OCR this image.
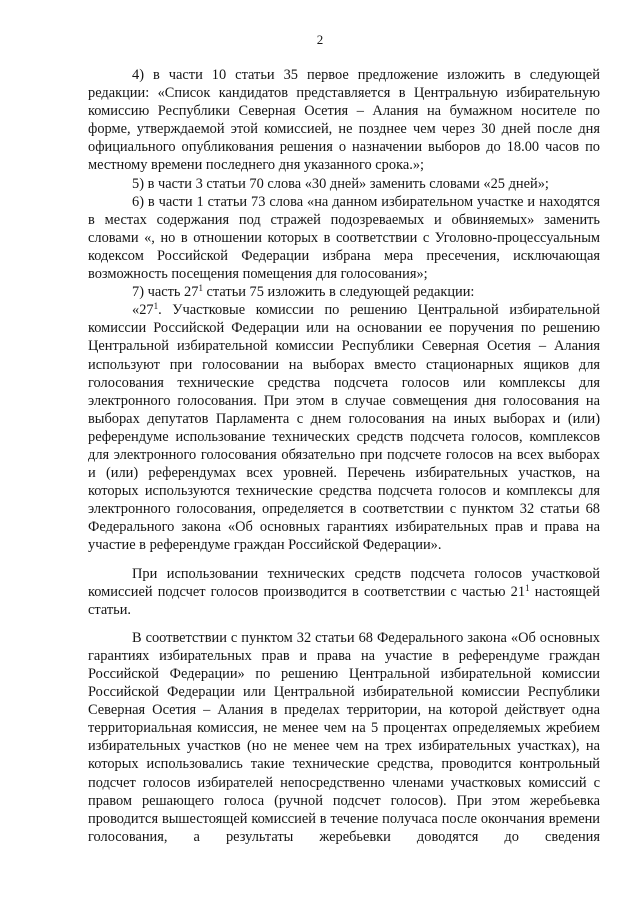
2

4) в части 10 статьи 35 первое предложение изложить в следующей редакции: «Список кандидатов представляется в Центральную избирательную комиссию Республики Северная Осетия – Алания на бумажном носителе по форме, утверждаемой этой комиссией, не позднее чем через 30 дней после дня официального опубликования решения о назначении выборов до 18.00 часов по местному времени последнего дня указанного срока.»;

5) в части 3 статьи 70 слова «30 дней» заменить словами «25 дней»;

6) в части 1 статьи 73 слова «на данном избирательном участке и находятся в местах содержания под стражей подозреваемых и обвиняемых» заменить словами «, но в отношении которых в соответствии с Уголовно-процессуальным кодексом Российской Федерации избрана мера пресечения, исключающая возможность посещения помещения для голосования»;

7) часть $27^1$ статьи 75 изложить в следующей редакции:

«$27^1$. Участковые комиссии по решению Центральной избирательной комиссии Российской Федерации или на основании ее поручения по решению Центральной избирательной комиссии Республики Северная Осетия – Алания используют при голосовании на выборах вместо стационарных ящиков для голосования технические средства подсчета голосов или комплексы для электронного голосования. При этом в случае совмещения дня голосования на выборах депутатов Парламента с днем голосования на иных выборах и (или) референдуме использование технических средств подсчета голосов, комплексов для электронного голосования обязательно при подсчете голосов на всех выборах и (или) референдумах всех уровней. Перечень избирательных участков, на которых используются технические средства подсчета голосов и комплексы для электронного голосования, определяется в соответствии с пунктом 32 статьи 68 Федерального закона «Об основных гарантиях избирательных прав и права на участие в референдуме граждан Российской Федерации».

При использовании технических средств подсчета голосов участковой комиссией подсчет голосов производится в соответствии с частью $21^1$ настоящей статьи.

В соответствии с пунктом 32 статьи 68 Федерального закона «Об основных гарантиях избирательных прав и права на участие в референдуме граждан Российской Федерации» по решению Центральной избирательной комиссии Российской Федерации или Центральной избирательной комиссии Республики Северная Осетия – Алания в пределах территории, на которой действует одна территориальная комиссия, не менее чем на 5 процентах определяемых жребием избирательных участков (но не менее чем на трех избирательных участках), на которых использовались такие технические средства, проводится контрольный подсчет голосов избирателей непосредственно членами участковых комиссий с правом решающего голоса (ручной подсчет голосов). При этом жеребьевка проводится вышестоящей комиссией в течение получаса после окончания времени голосования, а результаты жеребьевки доводятся до сведения
